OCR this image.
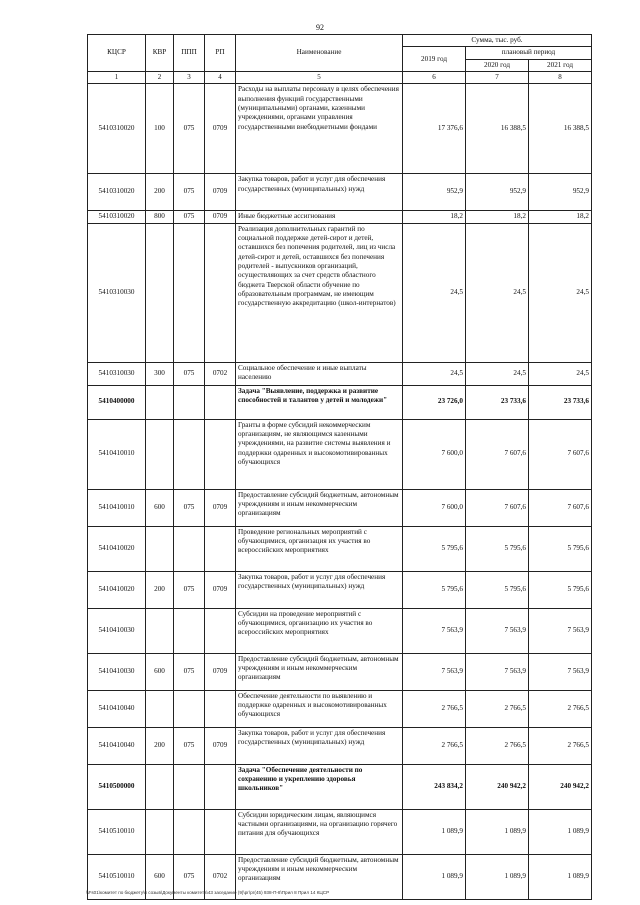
92
КЦСР	КВР	ППП	РП	Наименование	Сумма, тыс. руб.		
					2019 год	плановый период	
						2020 год	2021 год
1	2	3	4	5	6	7	8
5410310020	100	075	0709	Расходы на выплаты персоналу в целях обеспечения выполнения функций государственными (муниципальными) органами, казенными учреждениями, органами управления государственными внебюджетными фондами	17 376,6	16 388,5	16 388,5
5410310020	200	075	0709	Закупка товаров, работ и услуг для обеспечения государственных (муниципальных) нужд	952,9	952,9	952,9
5410310020	800	075	0709	Иные бюджетные ассигнования	18,2	18,2	18,2
5410310030				Реализация дополнительных гарантий по социальной поддержке детей-сирот и детей, оставшихся без попечения родителей, лиц из числа детей-сирот и детей, оставшихся без попечения родителей - выпускников организаций, осуществляющих за счет средств областного бюджета Тверской области обучение по образовательным программам, не имеющим государственную аккредитацию (школ-интернатов)	24,5	24,5	24,5
5410310030	300	075	0702	Социальное обеспечение и иные выплаты населению	24,5	24,5	24,5
5410400000				Задача "Выявление, поддержка и развитие способностей и талантов у детей и молодежи"	23 726,0	23 733,6	23 733,6
5410410010				Гранты в форме субсидий некоммерческим организациям, не являющимся казенными учреждениями, на развитие системы выявления и поддержки одаренных и высокомотивированных обучающихся	7 600,0	7 607,6	7 607,6
5410410010	600	075	0709	Предоставление субсидий бюджетным, автономным учреждениям и иным некоммерческим организациям	7 600,0	7 607,6	7 607,6
5410410020				Проведение региональных мероприятий с обучающимися, организация их участия во всероссийских мероприятиях	5 795,6	5 795,6	5 795,6
5410410020	200	075	0709	Закупка товаров, работ и услуг для обеспечения государственных (муниципальных) нужд	5 795,6	5 795,6	5 795,6
5410410030				Субсидии на проведение мероприятий с обучающимися, организацию их участия во всероссийских мероприятиях	7 563,9	7 563,9	7 563,9
5410410030	600	075	0709	Предоставление субсидий бюджетным, автономным учреждениям и иным некоммерческим организациям	7 563,9	7 563,9	7 563,9
5410410040				Обеспечение деятельности по выявлению и поддержке одаренных и высокомотивированных обучающихся	2 766,5	2 766,5	2 766,5
5410410040	200	075	0709	Закупка товаров, работ и услуг для обеспечения государственных (муниципальных) нужд	2 766,5	2 766,5	2 766,5
5410500000				Задача "Обеспечение деятельности по сохранению и укреплению здоровья школьников"	243 834,2	240 942,2	240 942,2
5410510010				Субсидии юридическим лицам, являющимся частными организациями, на организацию горячего питания для обучающихся	1 089,9	1 089,9	1 089,9
5410510010	600	075	0702	Предоставление субсидий бюджетным, автономным учреждениям и иным некоммерческим организациям	1 089,9	1 089,9	1 089,9
\\Fs01\комитет по бюджету\6 созыв\Документы комитета\43 заседание (9)\рг\рг(45) 938-П-8\Прил 8 Прил 14 КЦСР
